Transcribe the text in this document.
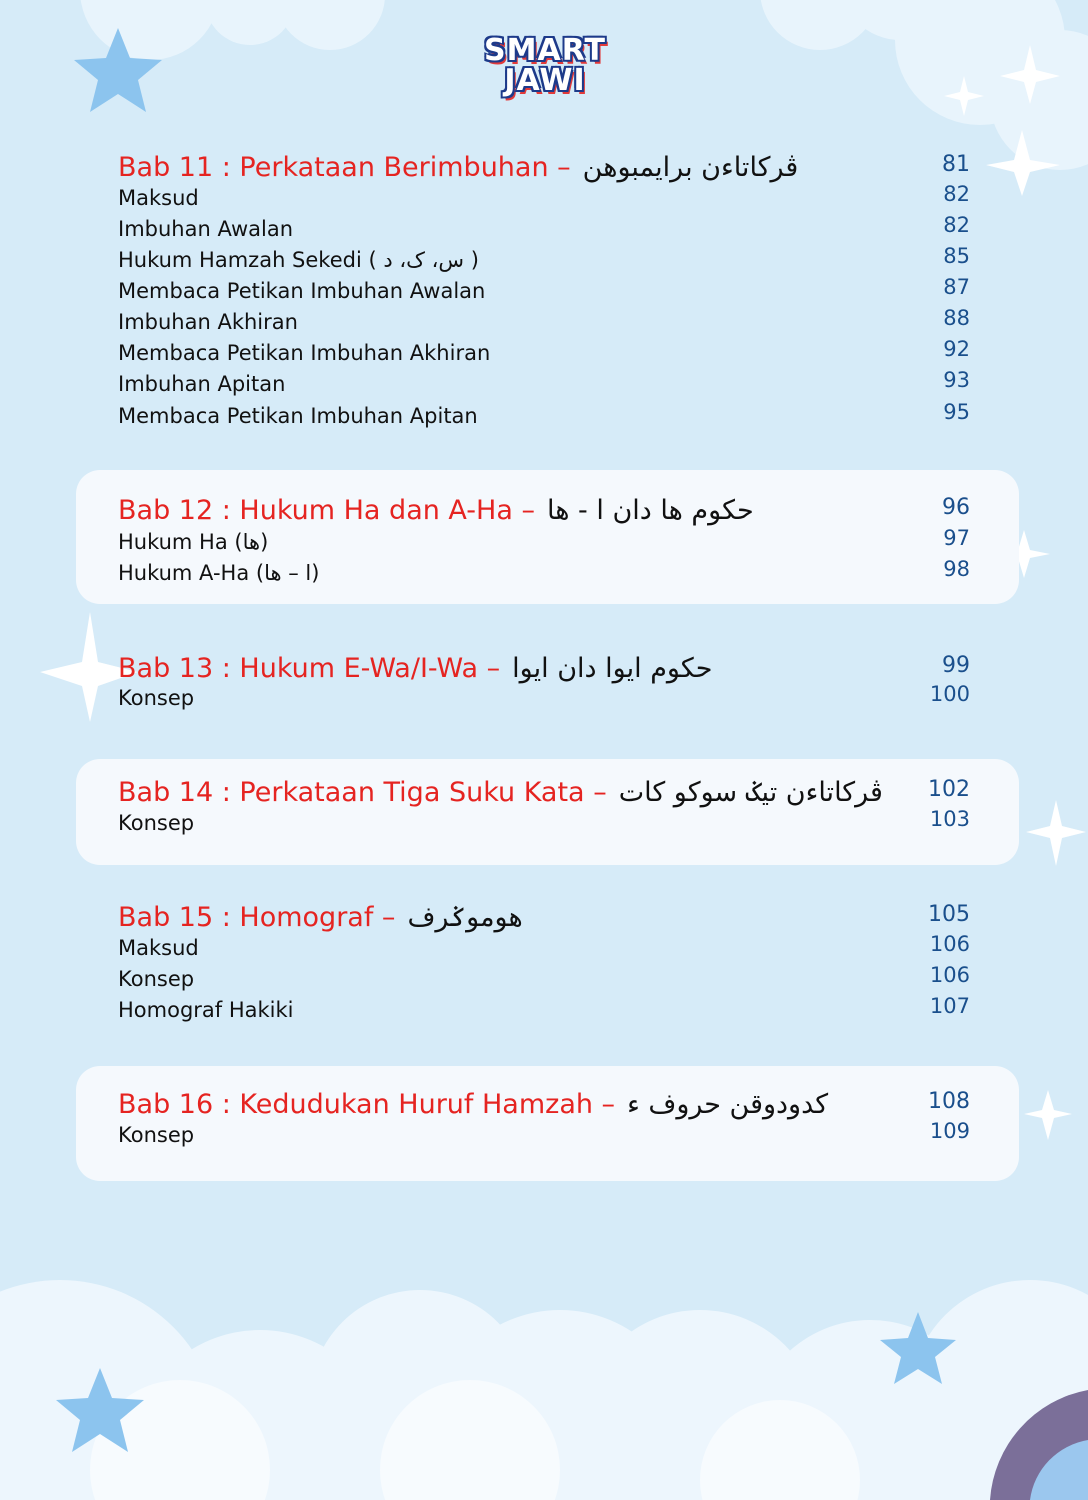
SMART
JAWI
Bab 11 : Perkataan Berimbuhan – ڤركاتاءن برايمبوهن	81
Maksud	82
Imbuhan Awalan	82
Hukum Hamzah Sekedi ( س، ک، د )	85
Membaca Petikan Imbuhan Awalan	87
Imbuhan Akhiran	88
Membaca Petikan Imbuhan Akhiran	92
Imbuhan Apitan	93
Membaca Petikan Imbuhan Apitan	95
Bab 12 : Hukum Ha dan A-Ha – حکوم ها دان ا - ها	96
Hukum Ha (ها)	97
Hukum A-Ha (ا – ها)	98
Bab 13 : Hukum E-Wa/I-Wa – حکوم ايوا دان ايوا	99
Konsep	100
Bab 14 : Perkataan Tiga Suku Kata – ڤركاتاءن تيݢ سوكو كات 102
Konsep	103
Bab 15 : Homograf – هوموݢرف	105
Maksud	106
Konsep	106
Homograf Hakiki	107
Bab 16 : Kedudukan Huruf Hamzah – كدودوقن حروف ء	108
Konsep	109
